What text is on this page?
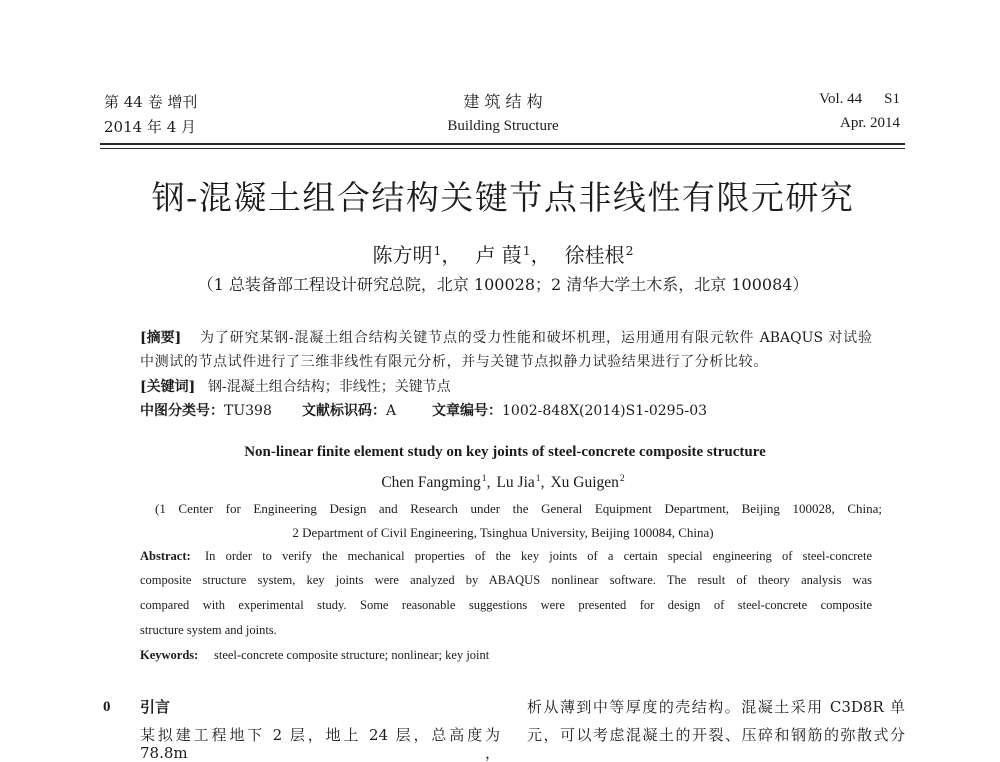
第 44 卷 增刊
2014 年 4 月
建 筑 结 构
Building Structure
Vol. 44 S1
Apr. 2014
钢-混凝土组合结构关键节点非线性有限元研究
陈方明$^1$， 卢 葭$^1$， 徐桂根$^2$
（1 总装备部工程设计研究总院，北京 100028；2 清华大学土木系，北京 100084）
[摘要] 为了研究某钢-混凝土组合结构关键节点的受力性能和破坏机理，运用通用有限元软件 ABAQUS 对试验
中测试的节点试件进行了三维非线性有限元分析，并与关键节点拟静力试验结果进行了分析比较。
[关键词] 钢-混凝土组合结构；非线性；关键节点
中图分类号：TU398 文献标识码：A	文章编号：1002-848X(2014)S1-0295-03
Non-linear finite element study on key joints of steel-concrete composite structure
Chen Fangming$^1$, Lu Jia$^1$, Xu Guigen$^2$
(1 Center for Engineering Design and Research under the General Equipment Department, Beijing 100028, China;
2 Department of Civil Engineering, Tsinghua University, Beijing 100084, China)
Abstract: In order to verify the mechanical properties of the key joints of a certain special engineering of steel-concrete
composite structure system, key joints were analyzed by ABAQUS nonlinear software. The result of theory analysis was
compared with experimental study. Some reasonable suggestions were presented for design of steel-concrete composite
structure system and joints.
Keywords: steel-concrete composite structure; nonlinear; key joint
0 引言
某拟建工程地下 2 层，地上 24 层，总高度为 78.8m，
析从薄到中等厚度的壳结构。混凝土采用 C3D8R 单
元，可以考虑混凝土的开裂、压碎和钢筋的弥散式分
